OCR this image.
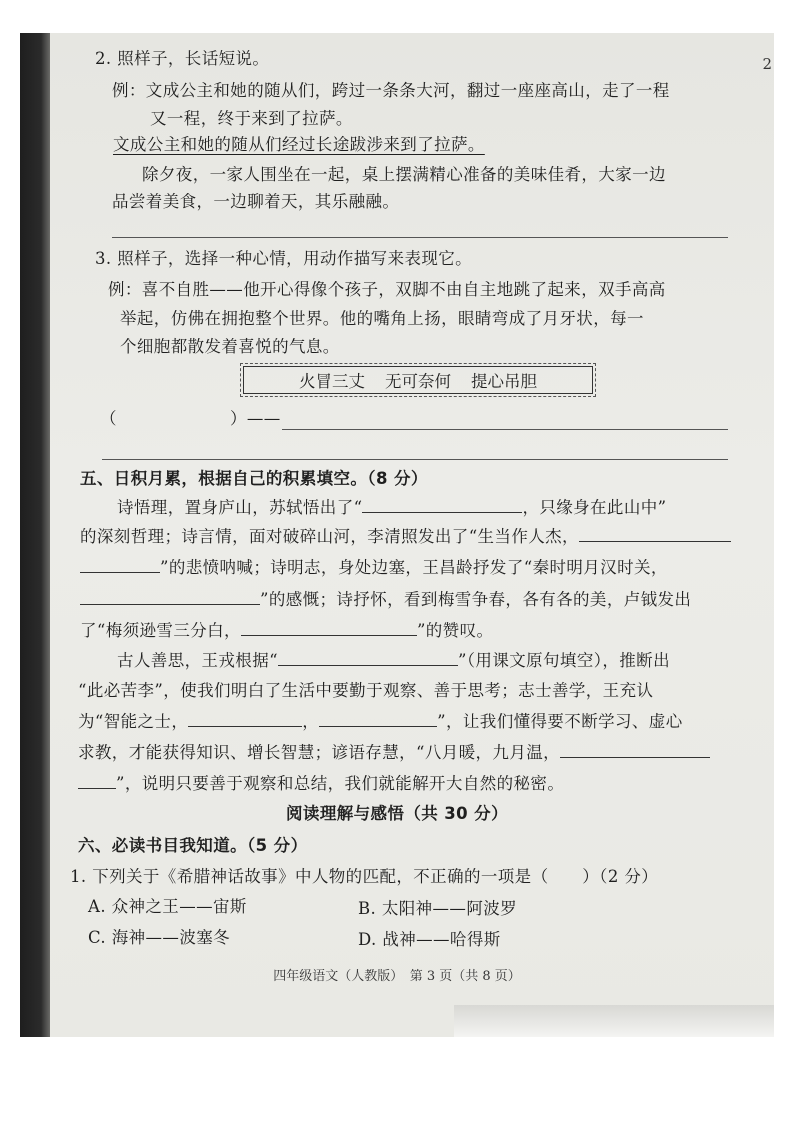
2
2. 照样子，长话短说。
例：文成公主和她的随从们，跨过一条条大河，翻过一座座高山，走了一程
又一程，终于来到了拉萨。
文成公主和她的随从们经过长途跋涉来到了拉萨。
除夕夜，一家人围坐在一起，桌上摆满精心准备的美味佳肴，大家一边
品尝着美食，一边聊着天，其乐融融。
3. 照样子，选择一种心情，用动作描写来表现它。
例：喜不自胜——他开心得像个孩子，双脚不由自主地跳了起来，双手高高
举起，仿佛在拥抱整个世界。他的嘴角上扬，眼睛弯成了月牙状，每一
个细胞都散发着喜悦的气息。
火冒三丈 无可奈何 提心吊胆
（	）——
五、日积月累，根据自己的积累填空。（8 分）
诗悟理，置身庐山，苏轼悟出了“	，只缘身在此山中”
的深刻哲理；诗言情，面对破碎山河，李清照发出了“生当作人杰，
”的悲愤呐喊；诗明志，身处边塞，王昌龄抒发了“秦时明月汉时关，
”的感慨；诗抒怀，看到梅雪争春，各有各的美，卢钺发出
了“梅须逊雪三分白，	”的赞叹。
古人善思，王戎根据“	”（用课文原句填空），推断出
“此必苦李”，使我们明白了生活中要勤于观察、善于思考；志士善学，王充认
为“智能之士，	，	”，让我们懂得要不断学习、虚心
求教，才能获得知识、增长智慧；谚语存慧，“八月暖，九月温，
”，说明只要善于观察和总结，我们就能解开大自然的秘密。
阅读理解与感悟（共 30 分）
六、必读书目我知道。（5 分）
1. 下列关于《希腊神话故事》中人物的匹配，不正确的一项是（　　）（2 分）
A. 众神之王——宙斯	B. 太阳神——阿波罗
C. 海神——波塞冬	D. 战神——哈得斯
四年级语文（人教版）　第 3 页（共 8 页）
